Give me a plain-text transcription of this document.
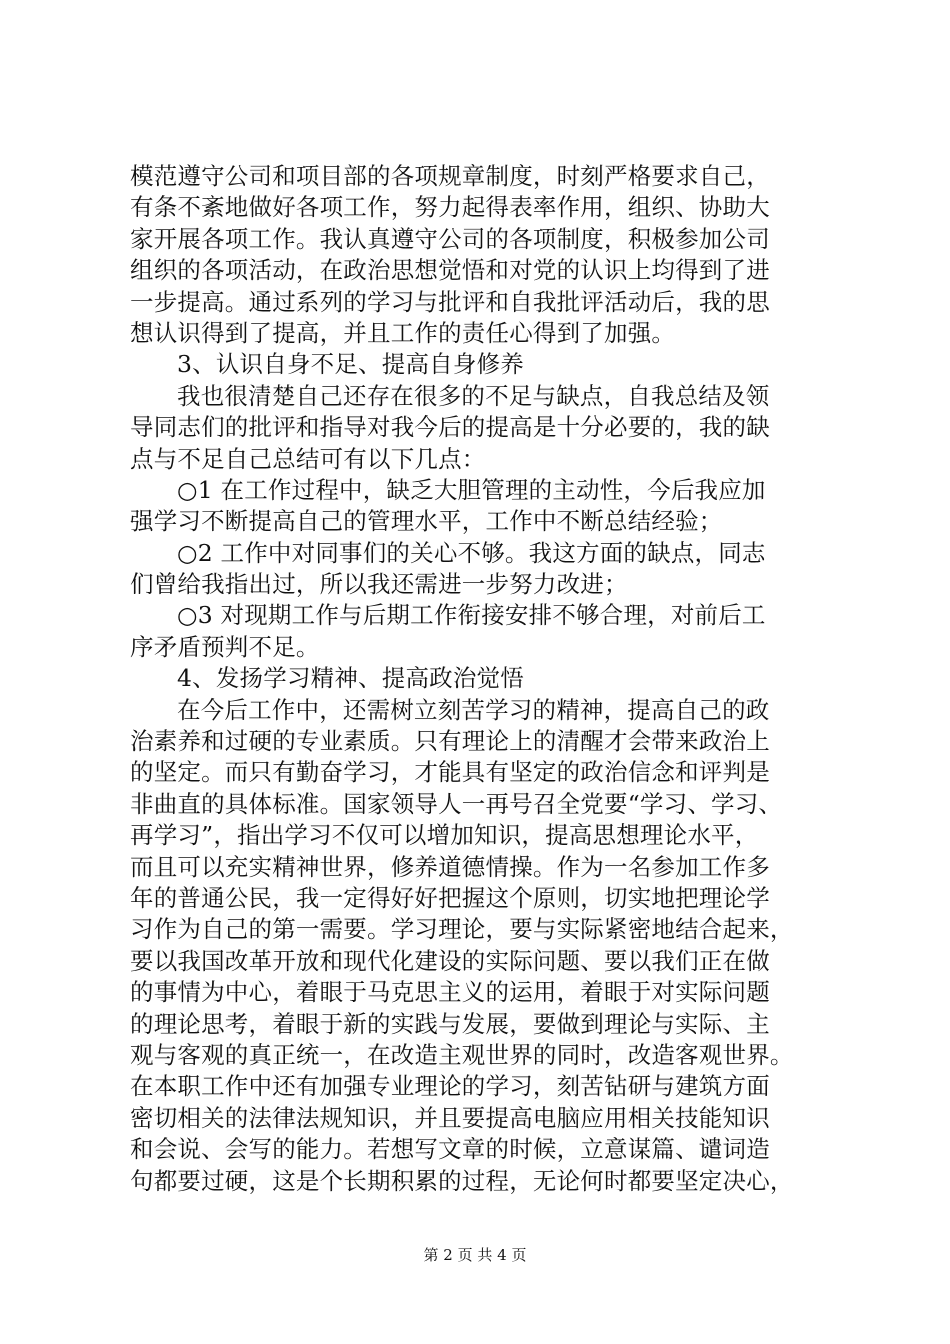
模范遵守公司和项目部的各项规章制度，时刻严格要求自己，
有条不紊地做好各项工作，努力起得表率作用，组织、协助大
家开展各项工作。我认真遵守公司的各项制度，积极参加公司
组织的各项活动，在政治思想觉悟和对党的认识上均得到了进
一步提高。通过系列的学习与批评和自我批评活动后，我的思
想认识得到了提高，并且工作的责任心得到了加强。
3、认识自身不足、提高自身修养
我也很清楚自己还存在很多的不足与缺点，自我总结及领
导同志们的批评和指导对我今后的提高是十分必要的，我的缺
点与不足自己总结可有以下几点：
○1 在工作过程中，缺乏大胆管理的主动性，今后我应加
强学习不断提高自己的管理水平，工作中不断总结经验；
○2 工作中对同事们的关心不够。我这方面的缺点，同志
们曾给我指出过，所以我还需进一步努力改进；
○3 对现期工作与后期工作衔接安排不够合理，对前后工
序矛盾预判不足。
4、发扬学习精神、提高政治觉悟
在今后工作中，还需树立刻苦学习的精神，提高自己的政
治素养和过硬的专业素质。只有理论上的清醒才会带来政治上
的坚定。而只有勤奋学习，才能具有坚定的政治信念和评判是
非曲直的具体标准。国家领导人一再号召全党要“学习、学习、
再学习”，指出学习不仅可以增加知识，提高思想理论水平，
而且可以充实精神世界，修养道德情操。作为一名参加工作多
年的普通公民，我一定得好好把握这个原则，切实地把理论学
习作为自己的第一需要。学习理论，要与实际紧密地结合起来，
要以我国改革开放和现代化建设的实际问题、要以我们正在做
的事情为中心，着眼于马克思主义的运用，着眼于对实际问题
的理论思考，着眼于新的实践与发展，要做到理论与实际、主
观与客观的真正统一，在改造主观世界的同时，改造客观世界。
在本职工作中还有加强专业理论的学习，刻苦钻研与建筑方面
密切相关的法律法规知识，并且要提高电脑应用相关技能知识
和会说、会写的能力。若想写文章的时候，立意谋篇、谴词造
句都要过硬，这是个长期积累的过程，无论何时都要坚定决心，
第 2 页 共 4 页
